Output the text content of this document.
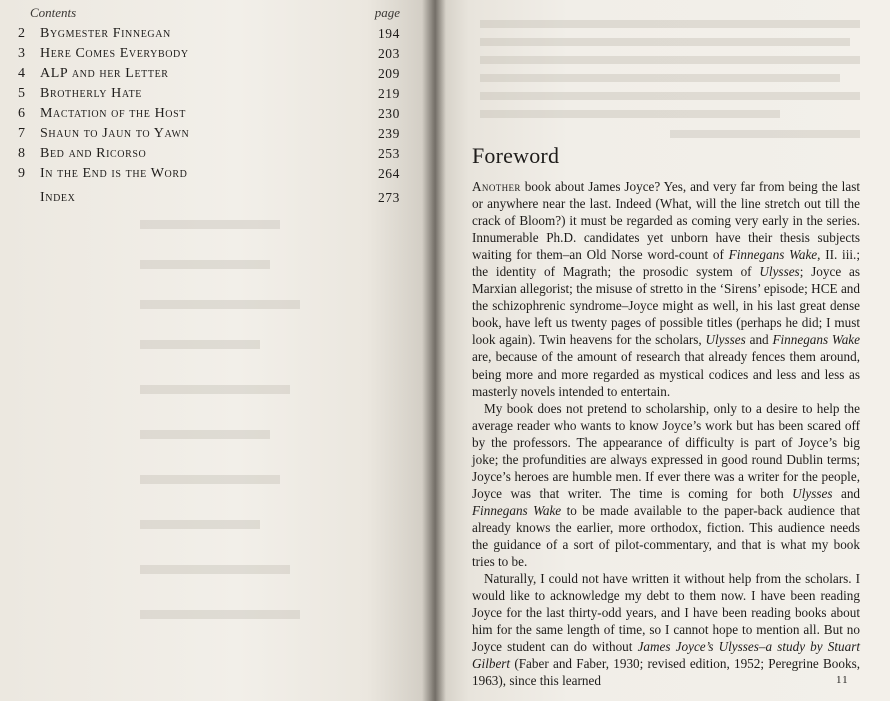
Contents	page
2	Bygmester Finnegan	194
3	Here Comes Everybody	203
4	ALP and her Letter	209
5	Brotherly Hate	219
6	Mactation of the Host	230
7	Shaun to Jaun to Yawn	239
8	Bed and Ricorso	253
9	In the End is the Word	264
Index	273
Foreword

Another book about James Joyce? Yes, and very far from being the last or anywhere near the last. Indeed (What, will the line stretch out till the crack of Bloom?) it must be regarded as coming very early in the series. Innumerable Ph.D. candidates yet unborn have their thesis subjects waiting for them–an Old Norse word-count of Finnegans Wake, II. iii.; the identity of Magrath; the prosodic system of Ulysses; Joyce as Marxian allegorist; the misuse of stretto in the ‘Sirens’ episode; HCE and the schizophrenic syndrome–Joyce might as well, in his last great dense book, have left us twenty pages of possible titles (perhaps he did; I must look again). Twin heavens for the scholars, Ulysses and Finnegans Wake are, because of the amount of research that already fences them around, being more and more regarded as mystical codices and less and less as masterly novels intended to entertain.

My book does not pretend to scholarship, only to a desire to help the average reader who wants to know Joyce’s work but has been scared off by the professors. The appearance of difficulty is part of Joyce’s big joke; the profundities are always expressed in good round Dublin terms; Joyce’s heroes are humble men. If ever there was a writer for the people, Joyce was that writer. The time is coming for both Ulysses and Finnegans Wake to be made available to the paper-back audience that already knows the earlier, more orthodox, fiction. This audience needs the guidance of a sort of pilot-commentary, and that is what my book tries to be.

Naturally, I could not have written it without help from the scholars. I would like to acknowledge my debt to them now. I have been reading Joyce for the last thirty-odd years, and I have been reading books about him for the same length of time, so I cannot hope to mention all. But no Joyce student can do without James Joyce’s Ulysses–a study by Stuart Gilbert (Faber and Faber, 1930; revised edition, 1952; Peregrine Books, 1963), since this learned	11
